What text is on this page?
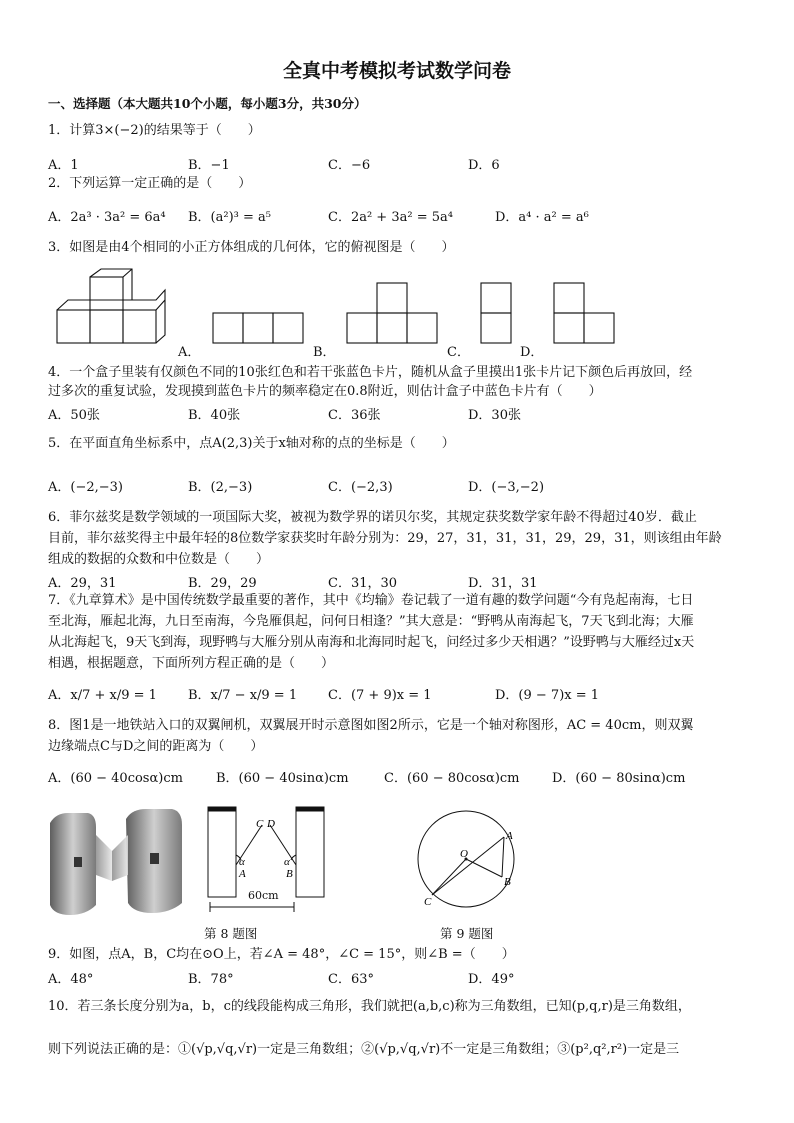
全真中考模拟考试数学问卷
一、选择题（本大题共10个小题，每小题3分，共30分）
1．计算3×(−2)的结果等于（　　）
A．1	B．−1	C．−6	D．6
2．下列运算一定正确的是（　　）
A．2a³ · 3a² = 6a⁴ B．(a²)³ = a⁵	C．2a² + 3a² = 5a⁴	D．a⁴ · a² = a⁶
3．如图是由4个相同的小正方体组成的几何体，它的俯视图是（　　）
A．	B．	C．	D．
4．一个盒子里装有仅颜色不同的10张红色和若干张蓝色卡片，随机从盒子里摸出1张卡片记下颜色后再放回，经
过多次的重复试验，发现摸到蓝色卡片的频率稳定在0.8附近，则估计盒子中蓝色卡片有（　　）
A．50张	B．40张	C．36张	D．30张
5．在平面直角坐标系中，点A(2,3)关于x轴对称的点的坐标是（　　）
A．(−2,−3)	B．(2,−3)	C．(−2,3)	D．(−3,−2)
6．菲尔兹奖是数学领域的一项国际大奖，被视为数学界的诺贝尔奖，其规定获奖数学家年龄不得超过40岁．截止
目前，菲尔兹奖得主中最年轻的8位数学家获奖时年龄分别为：29，27，31，31，31，29，29，31，则该组由年龄
组成的数据的众数和中位数是（　　）
A．29，31	B．29，29	C．31，30	D．31，31
7．《九章算术》是中国传统数学最重要的著作，其中《均输》卷记载了一道有趣的数学问题“今有凫起南海，七日
至北海，雁起北海，九日至南海，今凫雁俱起，问何日相逢？”其大意是：“野鸭从南海起飞，7天飞到北海；大雁
从北海起飞，9天飞到海，现野鸭与大雁分别从南海和北海同时起飞，问经过多少天相遇？”设野鸭与大雁经过x天
相遇，根据题意，下面所列方程正确的是（　　）
A．x/7 + x/9 = 1 B．x/7 − x/9 = 1 C．(7 + 9)x = 1	D．(9 − 7)x = 1
8．图1是一地铁站入口的双翼闸机，双翼展开时示意图如图2所示，它是一个轴对称图形，AC = 40cm，则双翼
边缘端点C与D之间的距离为（　　）
A．(60 − 40cosα)cm	B．(60 − 40sinα)cm	C．(60 − 80cosα)cm	D．(60 − 80sinα)cm
α	α
A	B
C D
60cm
O
A
B
C
第 8 题图	第 9 题图
9．如图，点A，B，C均在⊙O上，若∠A = 48°，∠C = 15°，则∠B =（　　）
A．48°	B．78°	C．63°	D．49°
10．若三条长度分别为a，b，c的线段能构成三角形，我们就把(a,b,c)称为三角数组，已知(p,q,r)是三角数组，
则下列说法正确的是：①(√p,√q,√r)一定是三角数组；②(√p,√q,√r)不一定是三角数组；③(p²,q²,r²)一定是三
